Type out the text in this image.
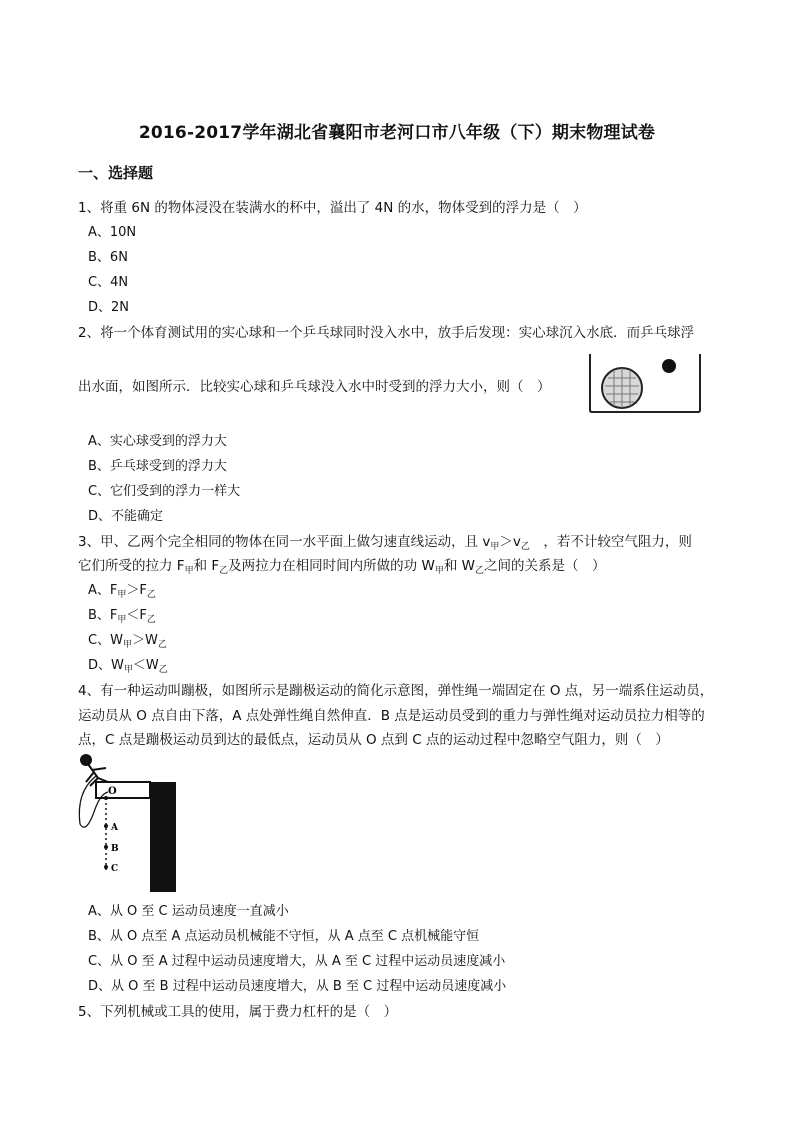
2016-2017学年湖北省襄阳市老河口市八年级（下）期末物理试卷
一、选择题
1、将重 6N 的物体浸没在装满水的杯中，溢出了 4N 的水，物体受到的浮力是（　）
A、10N
B、6N
C、4N
D、2N
2、将一个体育测试用的实心球和一个乒乓球同时没入水中，放手后发现：实心球沉入水底．而乒乓球浮
出水面，如图所示．比较实心球和乒乓球没入水中时受到的浮力大小，则（　）
A、实心球受到的浮力大
B、乒乓球受到的浮力大
C、它们受到的浮力一样大
D、不能确定
3、甲、乙两个完全相同的物体在同一水平面上做匀速直线运动，且 $v_甲>v_乙$　，若不计较空气阻力，则
它们所受的拉力 $F_甲$和 $F_乙$及两拉力在相同时间内所做的功 $W_甲$和 $W_乙$之间的关系是（　）
A、$F_甲>F_乙$
B、$F_甲<F_乙$
C、$W_甲>W_乙$
D、$W_甲<W_乙$
4、有一种运动叫蹦极，如图所示是蹦极运动的简化示意图，弹性绳一端固定在 O 点，另一端系住运动员，
运动员从 O 点自由下落，A 点处弹性绳自然伸直．B 点是运动员受到的重力与弹性绳对运动员拉力相等的
点，C 点是蹦极运动员到达的最低点，运动员从 O 点到 C 点的运动过程中忽略空气阻力，则（　）
O
A
B
C
A、从 O 至 C 运动员速度一直减小
B、从 O 点至 A 点运动员机械能不守恒，从 A 点至 C 点机械能守恒
C、从 O 至 A 过程中运动员速度增大，从 A 至 C 过程中运动员速度减小
D、从 O 至 B 过程中运动员速度增大，从 B 至 C 过程中运动员速度减小
5、下列机械或工具的使用，属于费力杠杆的是（　）
